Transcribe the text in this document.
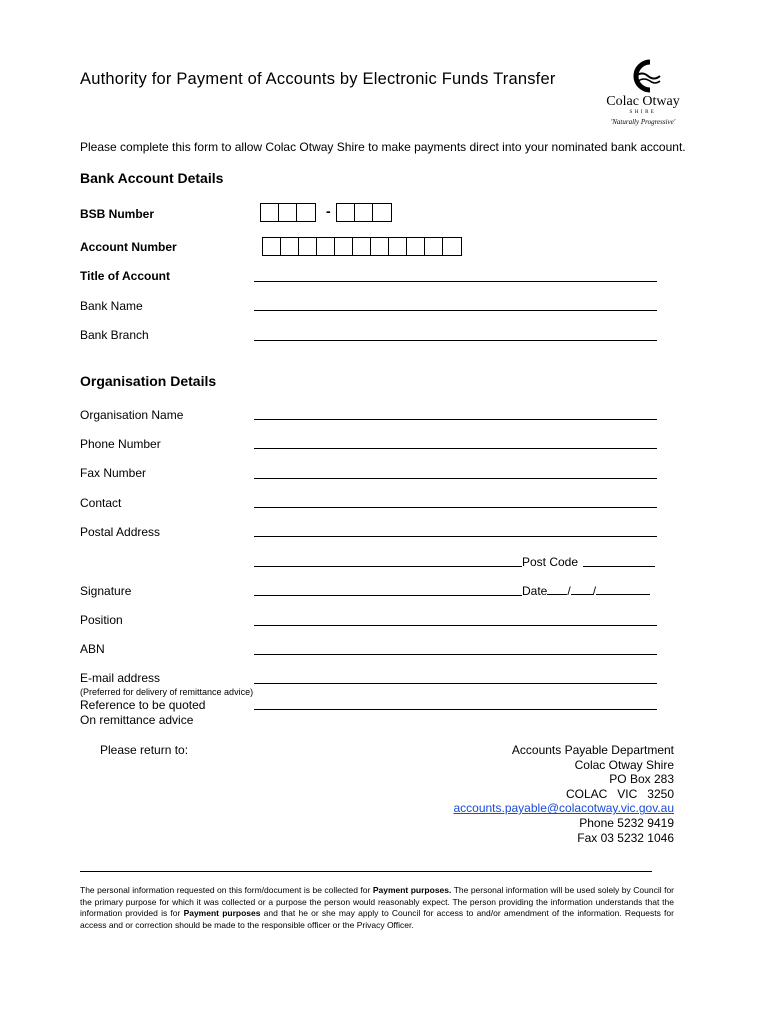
Authority for Payment of Accounts by Electronic Funds Transfer
Colac Otway
SHIRE
'Naturally Progressive'
Please complete this form to allow Colac Otway Shire to make payments direct into your nominated bank account.
Bank Account Details
BSB Number	-
Account Number
Title of Account
Bank Name
Bank Branch
Organisation Details
Organisation Name
Phone Number
Fax Number
Contact
Postal Address
Post Code
Signature	Date / /
Position
ABN
E-mail address
(Preferred for delivery of remittance advice)
Reference to be quoted
On remittance advice
Please return to:	Accounts Payable Department
Colac Otway Shire
PO Box 283
COLAC   VIC   3250
accounts.payable@colacotway.vic.gov.au
Phone 5232 9419
Fax 03 5232 1046
The personal information requested on this form/document is be collected for Payment purposes. The personal information will be used solely by Council for the primary purpose for which it was collected or a purpose the person would reasonably expect. The person providing the information understands that the information provided is for Payment purposes and that he or she may apply to Council for access to and/or amendment of the information. Requests for access and or correction should be made to the responsible officer or the Privacy Officer.
